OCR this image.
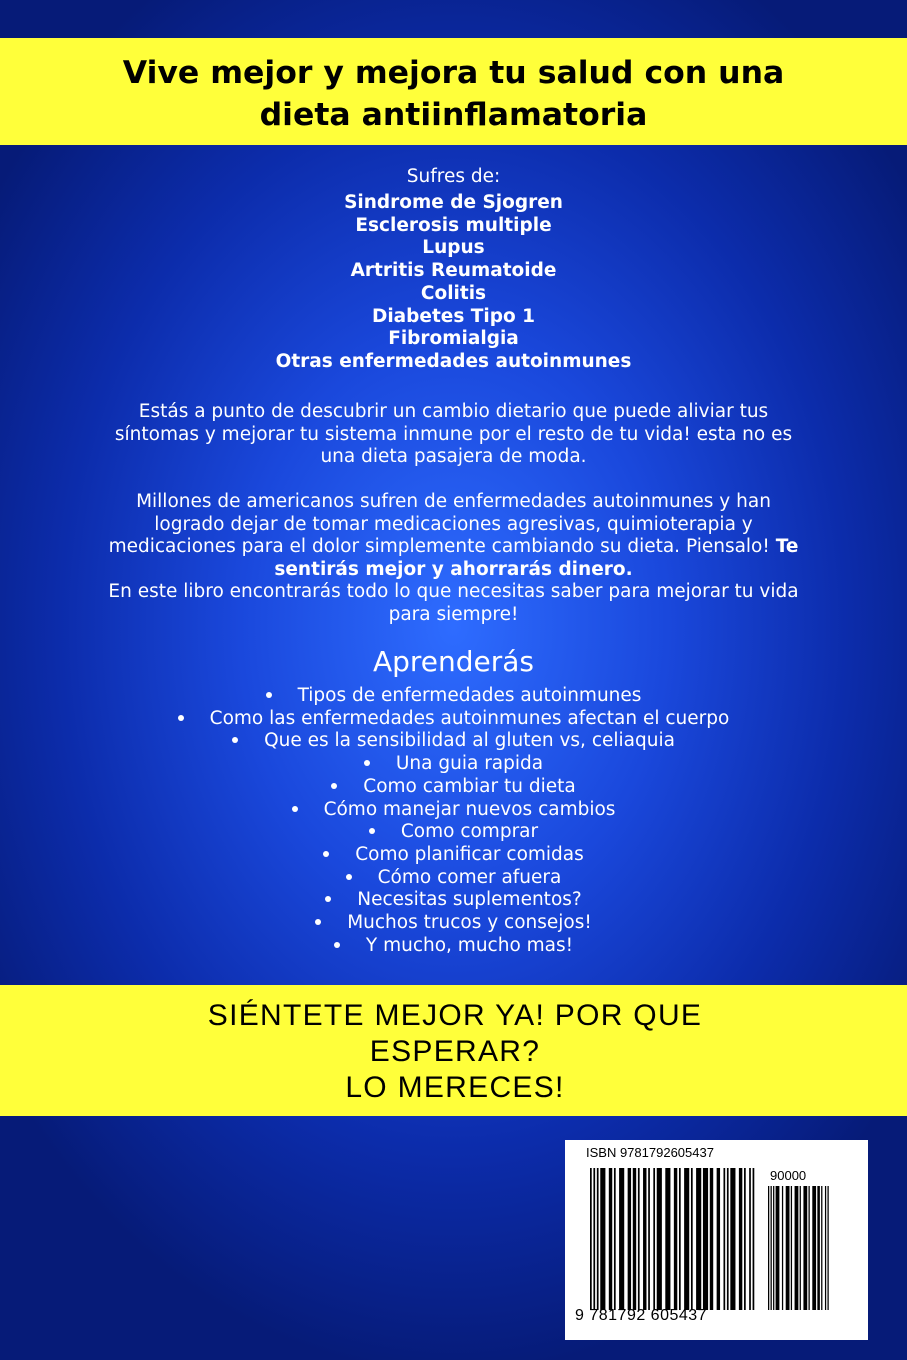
Vive mejor y mejora tu salud con una
dieta antiinflamatoria
Sufres de:
Sindrome de Sjogren
Esclerosis multiple
Lupus
Artritis Reumatoide
Colitis
Diabetes Tipo 1
Fibromialgia
Otras enfermedades autoinmunes

Estás a punto de descubrir un cambio dietario que puede aliviar tus
síntomas y mejorar tu sistema inmune por el resto de tu vida! esta no es
una dieta pasajera de moda.

Millones de americanos sufren de enfermedades autoinmunes y han
logrado dejar de tomar medicaciones agresivas, quimioterapia y
medicaciones para el dolor simplemente cambiando su dieta. Piensalo! Te
sentirás mejor y ahorrarás dinero.
En este libro encontrarás todo lo que necesitas saber para mejorar tu vida
para siempre!

Aprenderás
Tipos de enfermedades autoinmunes
Como las enfermedades autoinmunes afectan el cuerpo
Que es la sensibilidad al gluten vs, celiaquia
Una guia rapida
Como cambiar tu dieta
Cómo manejar nuevos cambios
Como comprar
Como planificar comidas
Cómo comer afuera
Necesitas suplementos?
Muchos trucos y consejos!
Y mucho, mucho mas!

SIÉNTETE MEJOR YA! POR QUE
ESPERAR?
LO MERECES!

ISBN 9781792605437
90000
9 781792 605437
